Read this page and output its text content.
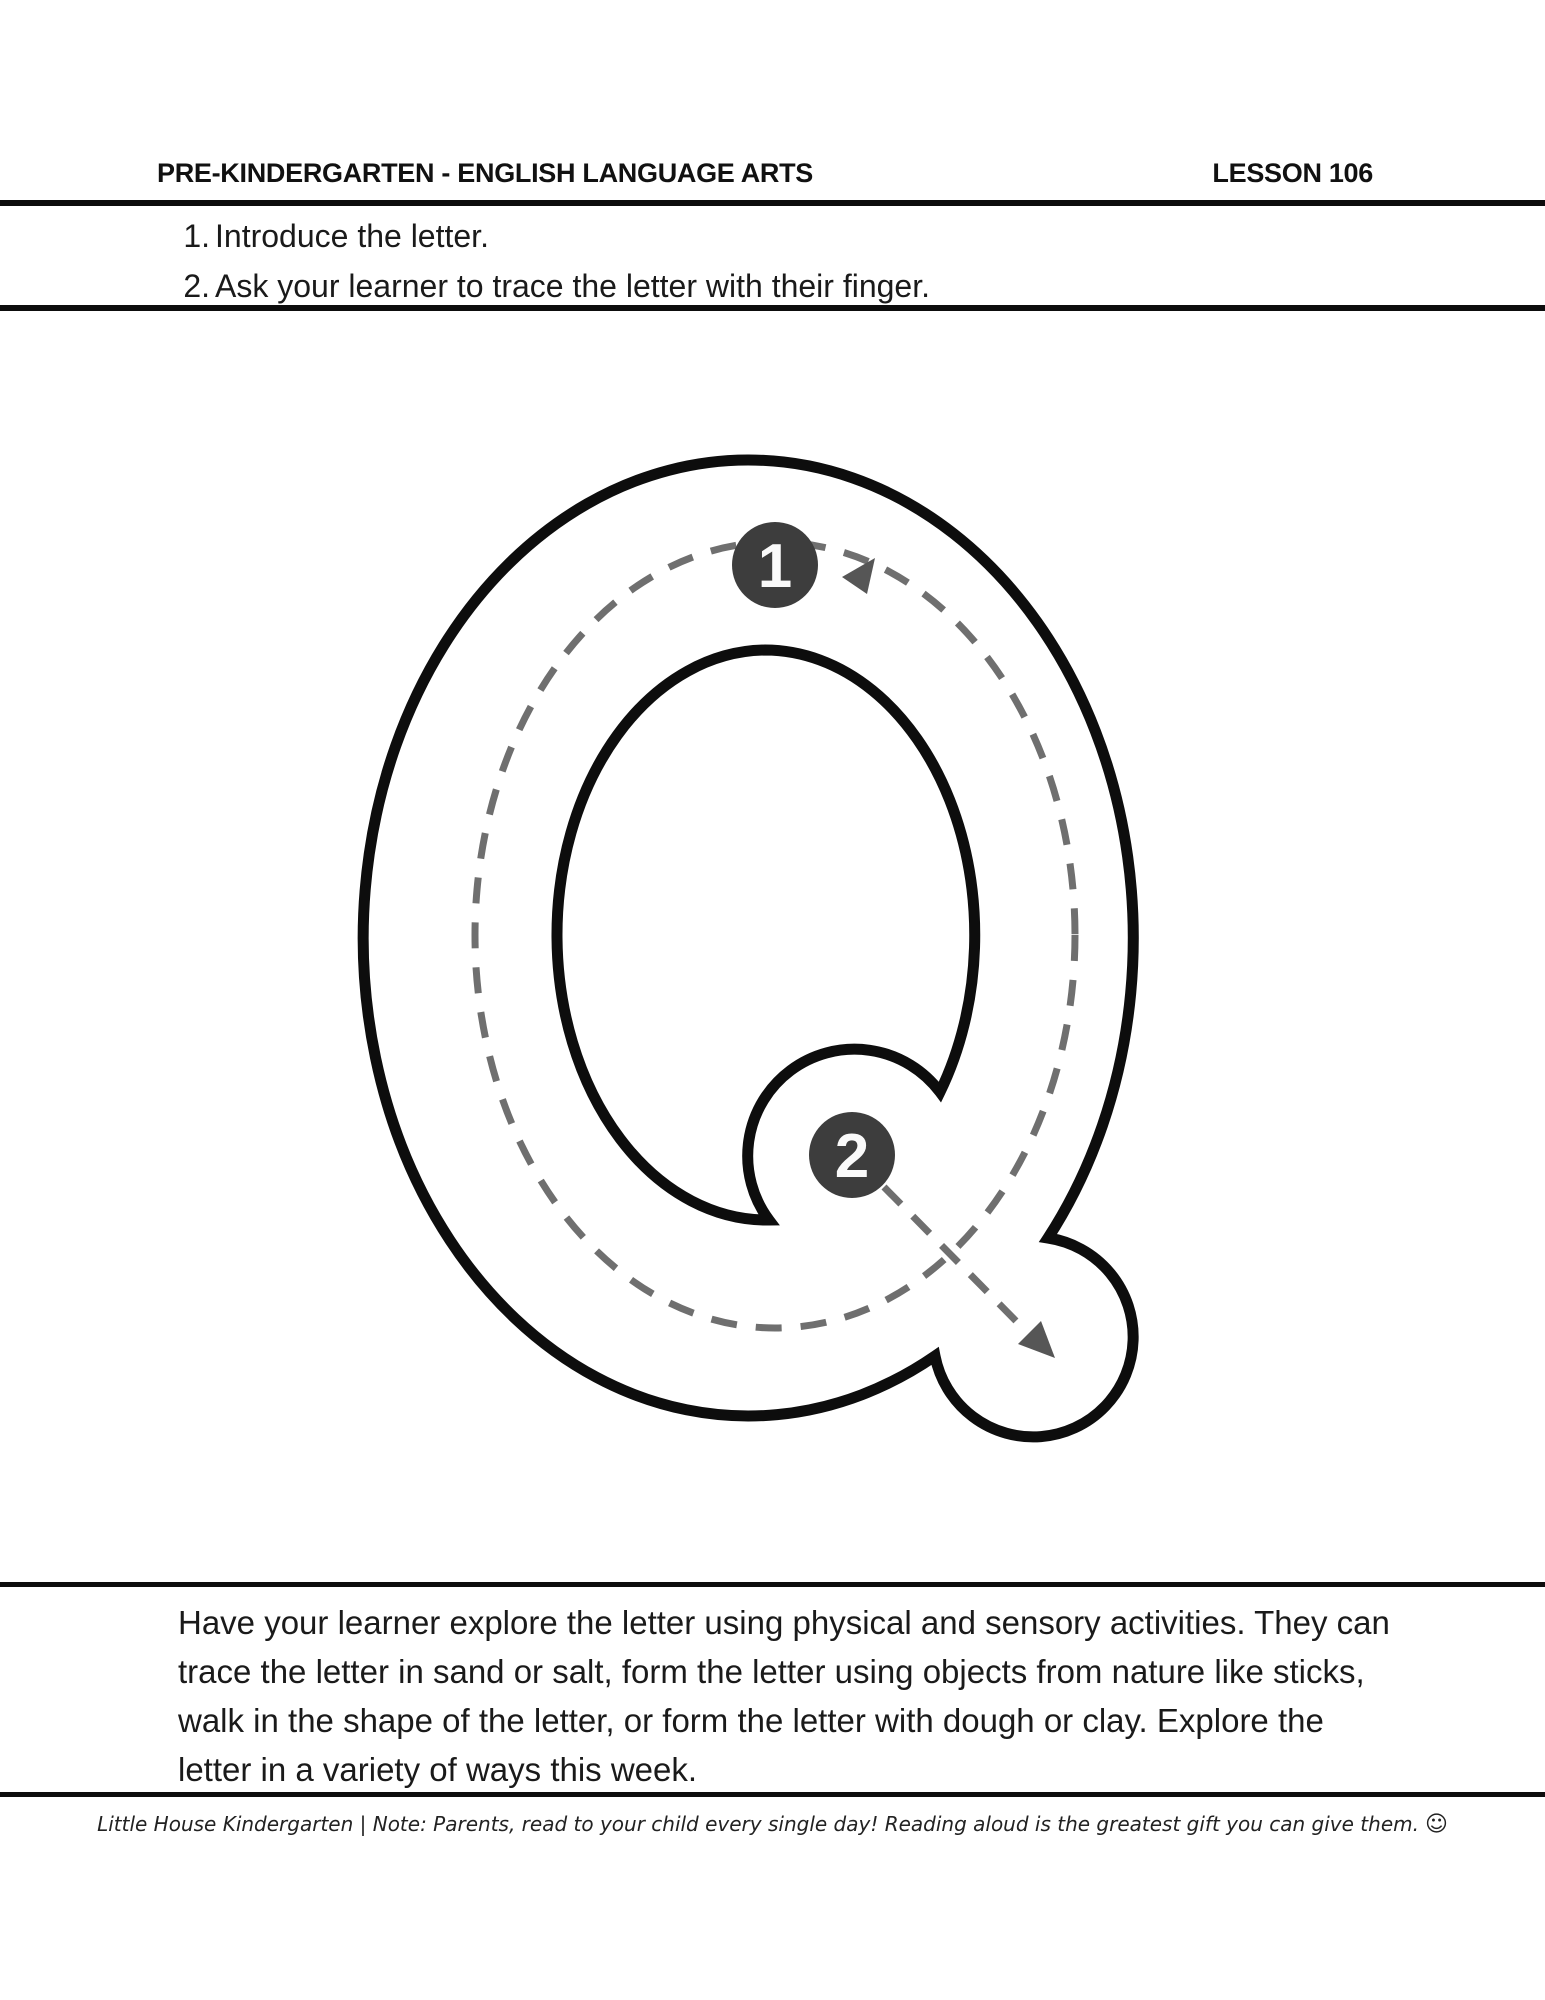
PRE-KINDERGARTEN - ENGLISH LANGUAGE ARTS	LESSON 106
1. Introduce the letter.
2. Ask your learner to trace the letter with their finger.
1
2
Have your learner explore the letter using physical and sensory activities. They can trace the letter in sand or salt, form the letter using objects from nature like sticks, walk in the shape of the letter, or form the letter with dough or clay. Explore the letter in a variety of ways this week.
Little House Kindergarten | Note: Parents, read to your child every single day! Reading aloud is the greatest gift you can give them. ☺
